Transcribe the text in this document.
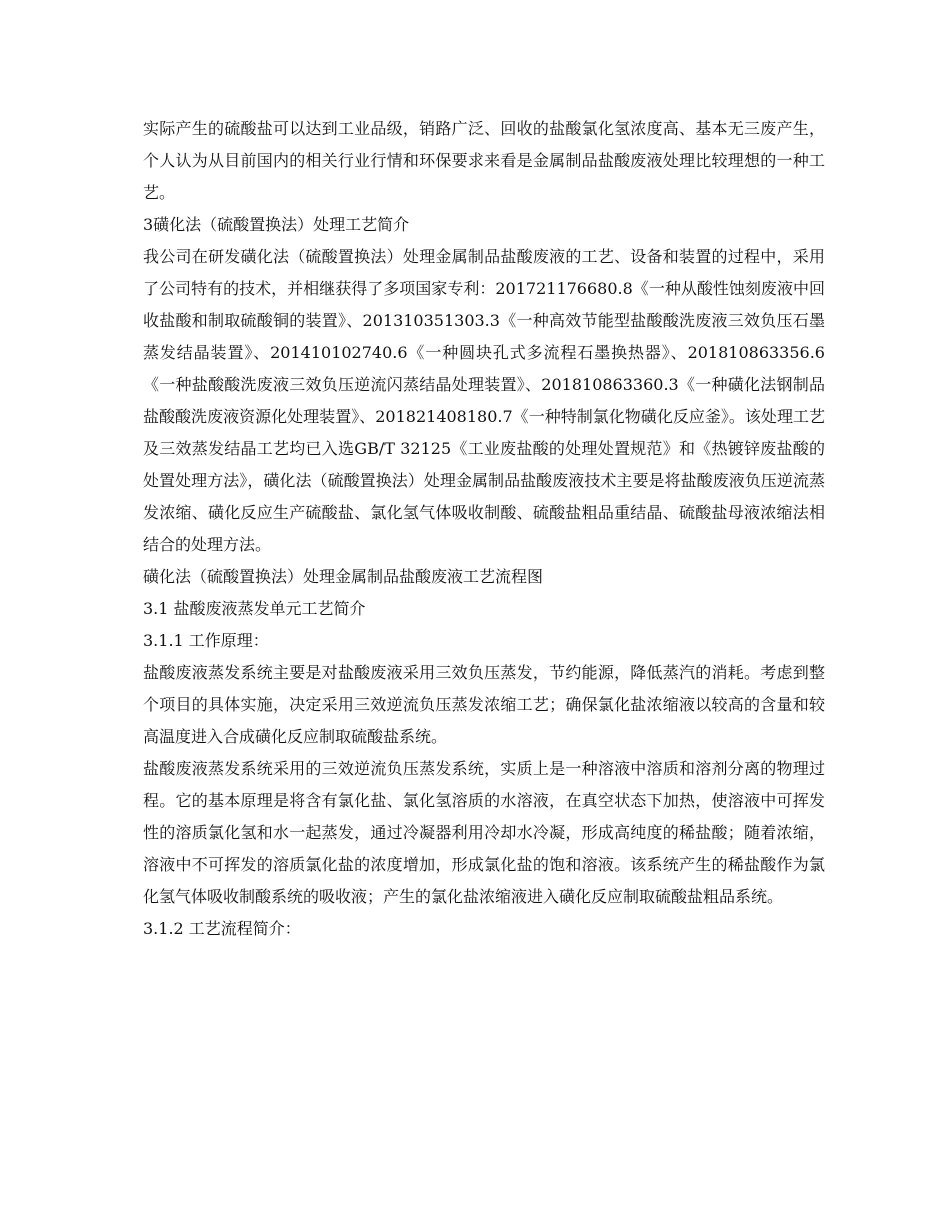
实际产生的硫酸盐可以达到工业品级，销路广泛、回收的盐酸氯化氢浓度高、基本无三废产生，个人认为从目前国内的相关行业行情和环保要求来看是金属制品盐酸废液处理比较理想的一种工艺。

3磺化法（硫酸置换法）处理工艺简介

我公司在研发磺化法（硫酸置换法）处理金属制品盐酸废液的工艺、设备和装置的过程中，采用了公司特有的技术，并相继获得了多项国家专利：201721176680.8《一种从酸性蚀刻废液中回收盐酸和制取硫酸铜的装置》、201310351303.3《一种高效节能型盐酸酸洗废液三效负压石墨蒸发结晶装置》、201410102740.6《一种圆块孔式多流程石墨换热器》、201810863356.6《一种盐酸酸洗废液三效负压逆流闪蒸结晶处理装置》、201810863360.3《一种磺化法钢制品盐酸酸洗废液资源化处理装置》、201821408180.7《一种特制氯化物磺化反应釜》。该处理工艺及三效蒸发结晶工艺均已入选GB/T 32125《工业废盐酸的处理处置规范》和《热镀锌废盐酸的处置处理方法》，磺化法（硫酸置换法）处理金属制品盐酸废液技术主要是将盐酸废液负压逆流蒸发浓缩、磺化反应生产硫酸盐、氯化氢气体吸收制酸、硫酸盐粗品重结晶、硫酸盐母液浓缩法相结合的处理方法。

磺化法（硫酸置换法）处理金属制品盐酸废液工艺流程图

3.1 盐酸废液蒸发单元工艺简介

3.1.1 工作原理：

盐酸废液蒸发系统主要是对盐酸废液采用三效负压蒸发，节约能源，降低蒸汽的消耗。考虑到整个项目的具体实施，决定采用三效逆流负压蒸发浓缩工艺；确保氯化盐浓缩液以较高的含量和较高温度进入合成磺化反应制取硫酸盐系统。

盐酸废液蒸发系统采用的三效逆流负压蒸发系统，实质上是一种溶液中溶质和溶剂分离的物理过程。它的基本原理是将含有氯化盐、氯化氢溶质的水溶液，在真空状态下加热，使溶液中可挥发性的溶质氯化氢和水一起蒸发，通过冷凝器利用冷却水冷凝，形成高纯度的稀盐酸；随着浓缩，溶液中不可挥发的溶质氯化盐的浓度增加，形成氯化盐的饱和溶液。该系统产生的稀盐酸作为氯化氢气体吸收制酸系统的吸收液；产生的氯化盐浓缩液进入磺化反应制取硫酸盐粗品系统。

3.1.2 工艺流程简介：
